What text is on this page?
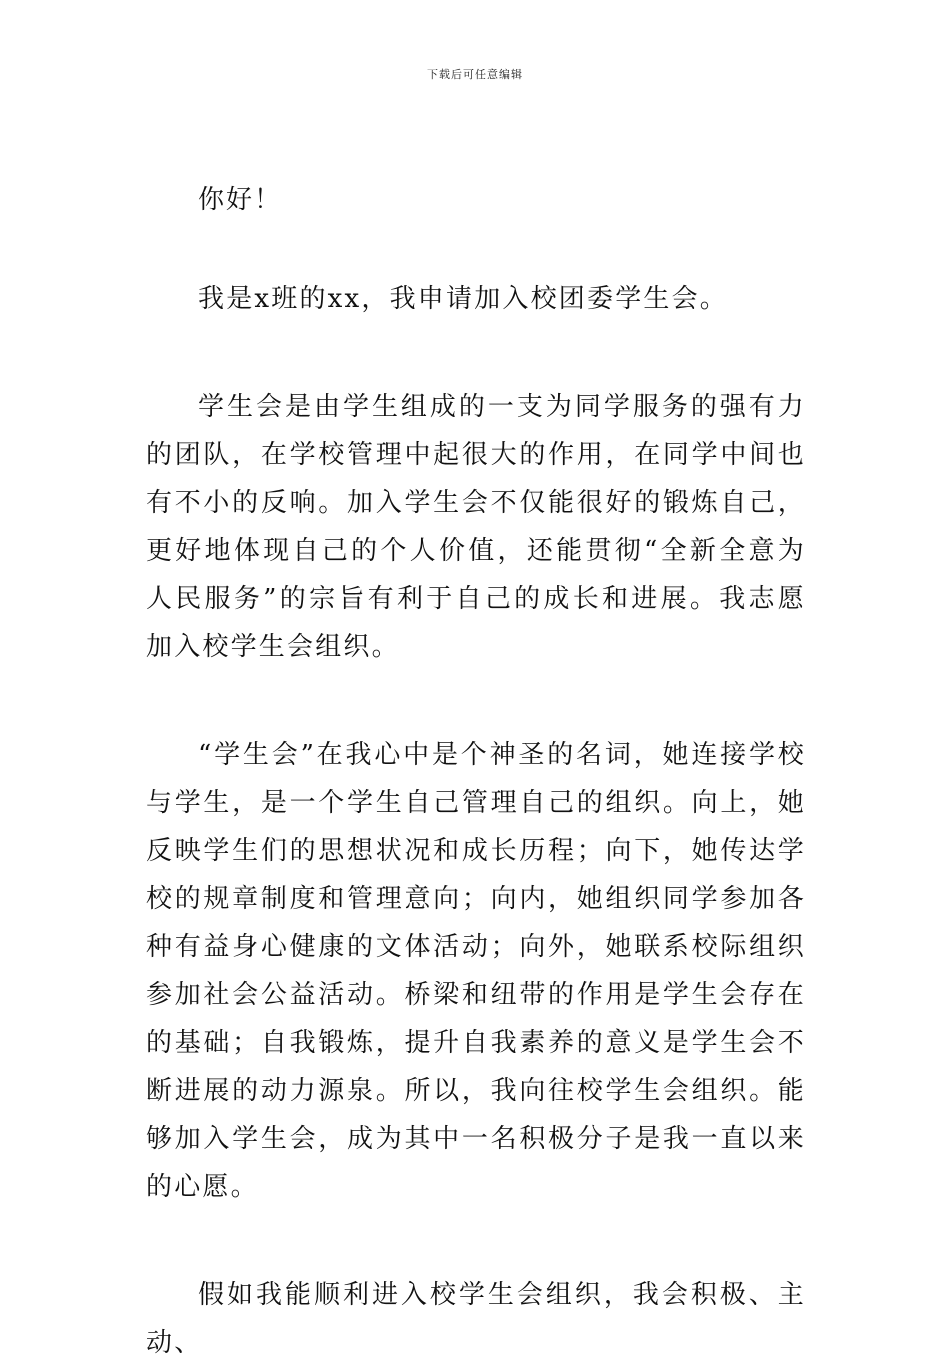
下载后可任意编辑

你好！

我是x班的xx，我申请加入校团委学生会。

学生会是由学生组成的一支为同学服务的强有力的团队，在学校管理中起很大的作用，在同学中间也有不小的反响。加入学生会不仅能很好的锻炼自己，更好地体现自己的个人价值，还能贯彻“全新全意为人民服务”的宗旨有利于自己的成长和进展。我志愿加入校学生会组织。

“学生会”在我心中是个神圣的名词，她连接学校与学生，是一个学生自己管理自己的组织。向上，她反映学生们的思想状况和成长历程；向下，她传达学校的规章制度和管理意向；向内，她组织同学参加各种有益身心健康的文体活动；向外，她联系校际组织参加社会公益活动。桥梁和纽带的作用是学生会存在的基础；自我锻炼，提升自我素养的意义是学生会不断进展的动力源泉。所以，我向往校学生会组织。能够加入学生会，成为其中一名积极分子是我一直以来的心愿。

假如我能顺利进入校学生会组织，我会积极、主动、
